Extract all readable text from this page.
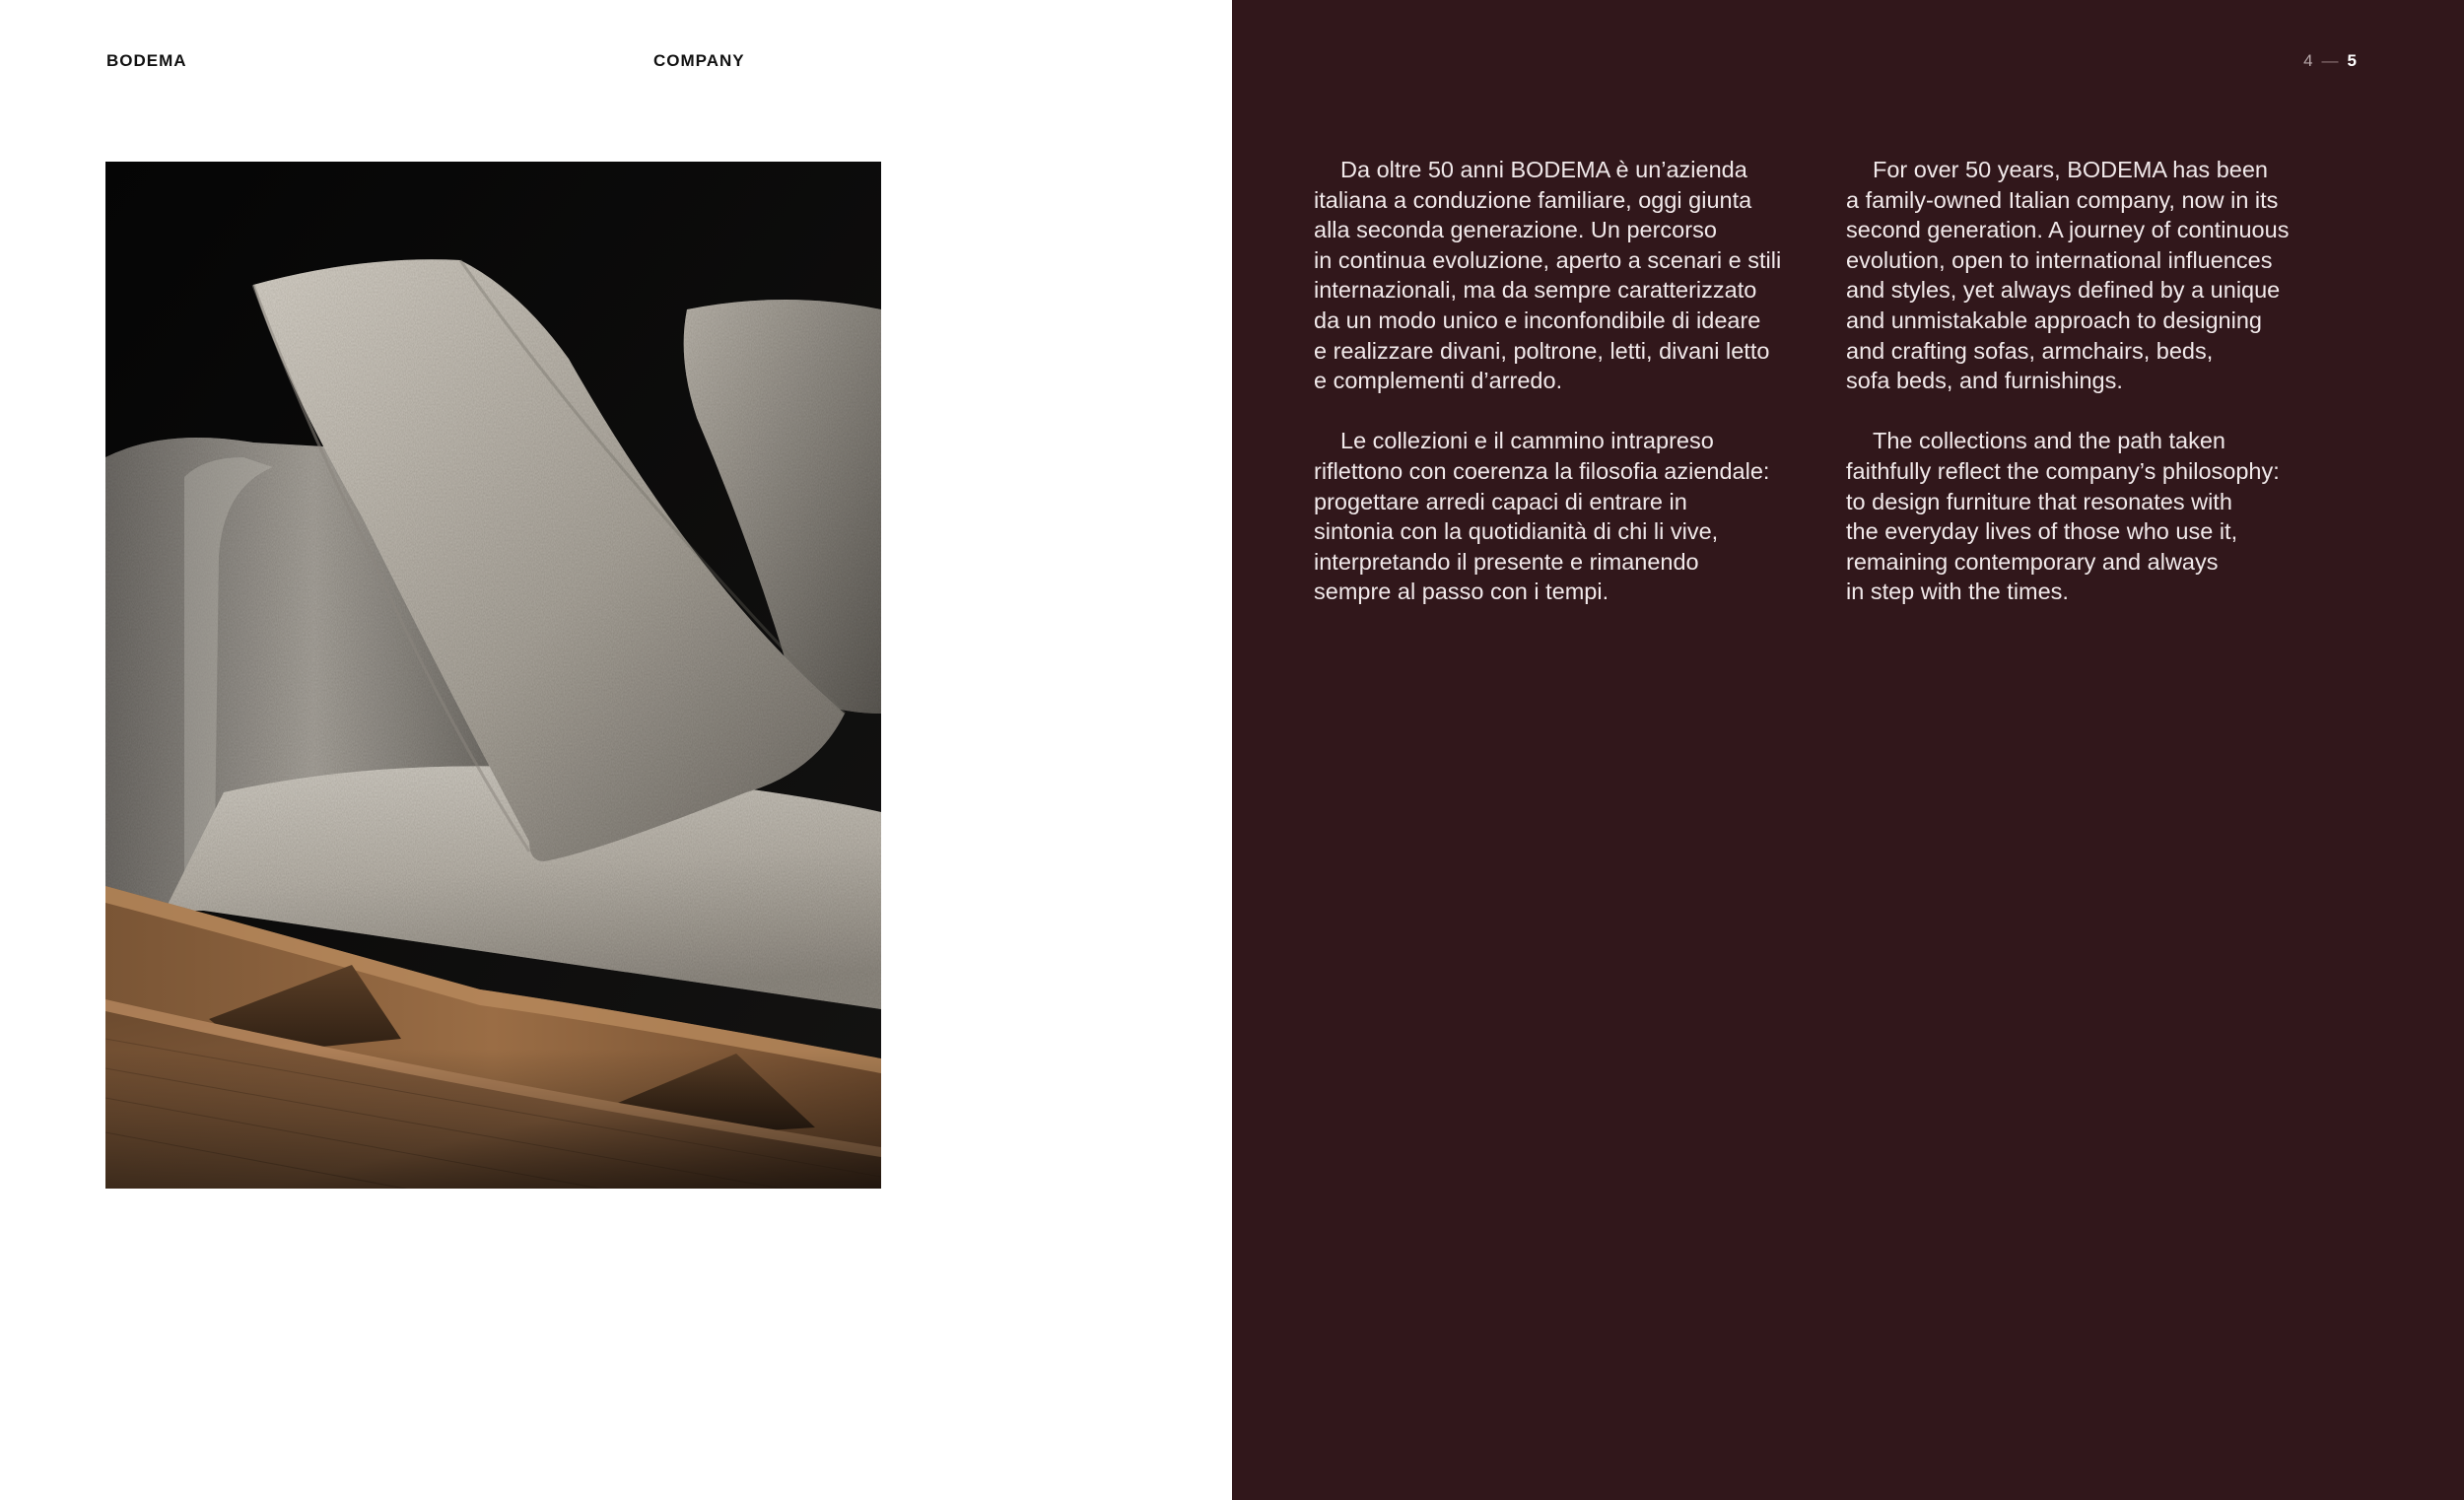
BODEMA	COMPANY	4 — 5

Da oltre 50 anni BODEMA è un’azienda
italiana a conduzione familiare, oggi giunta
alla seconda generazione. Un percorso
in continua evoluzione, aperto a scenari e stili
internazionali, ma da sempre caratterizzato
da un modo unico e inconfondibile di ideare
e realizzare divani, poltrone, letti, divani letto
e complementi d’arredo.

Le collezioni e il cammino intrapreso
riflettono con coerenza la filosofia aziendale:
progettare arredi capaci di entrare in
sintonia con la quotidianità di chi li vive,
interpretando il presente e rimanendo
sempre al passo con i tempi.

For over 50 years, BODEMA has been
a family-owned Italian company, now in its
second generation. A journey of continuous
evolution, open to international influences
and styles, yet always defined by a unique
and unmistakable approach to designing
and crafting sofas, armchairs, beds,
sofa beds, and furnishings.

The collections and the path taken
faithfully reflect the company’s philosophy:
to design furniture that resonates with
the everyday lives of those who use it,
remaining contemporary and always
in step with the times.
